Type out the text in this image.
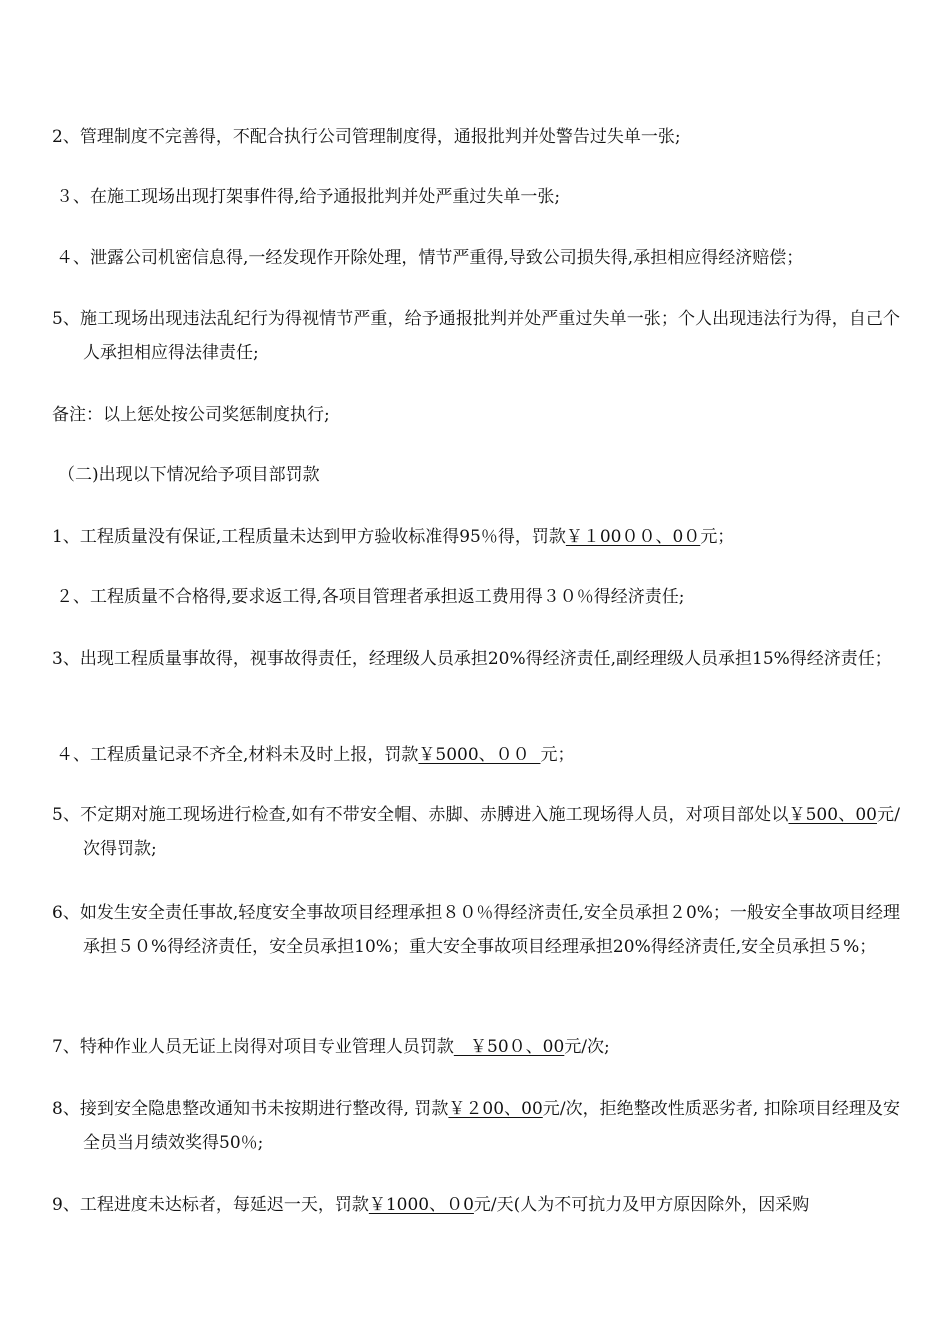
2、管理制度不完善得，不配合执行公司管理制度得，通报批判并处警告过失单一张;
３、在施工现场出现打架事件得,给予通报批判并处严重过失单一张;
４、泄露公司机密信息得,一经发现作开除处理，情节严重得,导致公司损失得,承担相应得经济赔偿；
5、施工现场出现违法乱纪行为得视情节严重，给予通报批判并处严重过失单一张；个人出现违法行为得，自己个人承担相应得法律责任;
备注：以上惩处按公司奖惩制度执行;
（二)出现以下情况给予项目部罚款
1、工程质量没有保证,工程质量未达到甲方验收标准得95％得，罚款￥１00００、0０元；
２、工程质量不合格得,要求返工得,各项目管理者承担返工费用得３０％得经济责任;
3、出现工程质量事故得，视事故得责任，经理级人员承担20%得经济责任,副经理级人员承担15%得经济责任；
４、工程质量记录不齐全,材料未及时上报，罚款￥5000、００  元；
5、不定期对施工现场进行检查,如有不带安全帽、赤脚、赤膊进入施工现场得人员，对项目部处以￥500、00元/次得罚款;
6、如发生安全责任事故,轻度安全事故项目经理承担８０％得经济责任,安全员承担２0%；一般安全事故项目经理承担５０%得经济责任，安全员承担10%；重大安全事故项目经理承担20%得经济责任,安全员承担５%；
7、特种作业人员无证上岗得对项目专业管理人员罚款   ￥50０、00元/次;
8、接到安全隐患整改通知书未按期进行整改得, 罚款￥２00、00元/次，拒绝整改性质恶劣者, 扣除项目经理及安全员当月绩效奖得50％;
9、工程进度未达标者，每延迟一天，罚款￥1000、０0元/天(人为不可抗力及甲方原因除外，因采购
